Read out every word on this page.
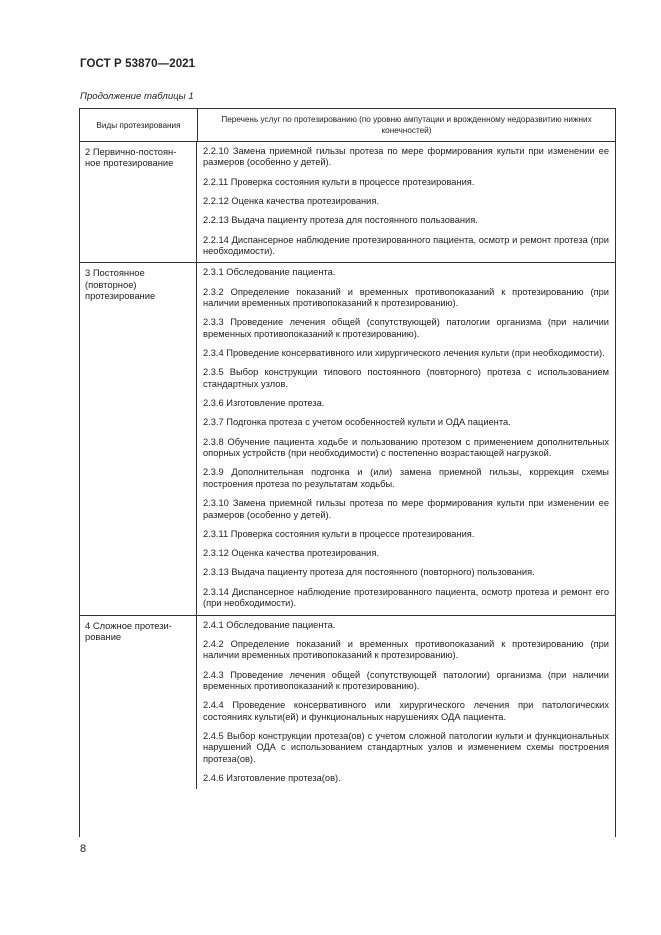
ГОСТ Р 53870—2021
Продолжение таблицы 1
Виды протезирования
Перечень услуг по протезированию (по уровню ампутации и врожденному недоразвитию нижних конечностей)
2 Первично-постоян-
ное протезирование
2.2.10 Замена приемной гильзы протеза по мере формирования культи при изменении ее размеров (особенно у детей).
2.2.11 Проверка состояния культи в процессе протезирования.
2.2.12 Оценка качества протезирования.
2.2.13 Выдача пациенту протеза для постоянного пользования.
2.2.14 Диспансерное наблюдение протезированного пациента, осмотр и ремонт протеза (при необходимости).
3 Постоянное
(повторное)
протезирование
2.3.1 Обследование пациента.
2.3.2 Определение показаний и временных противопоказаний к протезированию (при наличии временных противопоказаний к протезированию).
2.3.3 Проведение лечения общей (сопутствующей) патологии организма (при наличии временных противопоказаний к протезированию).
2.3.4 Проведение консервативного или хирургического лечения культи (при необходимости).
2.3.5 Выбор конструкции типового постоянного (повторного) протеза с использованием стандартных узлов.
2.3.6 Изготовление протеза.
2.3.7 Подгонка протеза с учетом особенностей культи и ОДА пациента.
2.3.8 Обучение пациента ходьбе и пользованию протезом с применением дополнительных опорных устройств (при необходимости) с постепенно возрастающей нагрузкой.
2.3.9 Дополнительная подгонка и (или) замена приемной гильзы, коррекция схемы построения протеза по результатам ходьбы.
2.3.10 Замена приемной гильзы протеза по мере формирования культи при изменении ее размеров (особенно у детей).
2.3.11 Проверка состояния культи в процессе протезирования.
2.3.12 Оценка качества протезирования.
2.3.13 Выдача пациенту протеза для постоянного (повторного) пользования.
2.3.14 Диспансерное наблюдение протезированного пациента, осмотр протеза и ремонт его (при необходимости).
4 Сложное протези-
рование
2.4.1 Обследование пациента.
2.4.2 Определение показаний и временных противопоказаний к протезированию (при наличии временных противопоказаний к протезированию).
2.4.3 Проведение лечения общей (сопутствующей патологии) организма (при наличии временных противопоказаний к протезированию).
2.4.4 Проведение консервативного или хирургического лечения при патологических состояниях культи(ей) и функциональных нарушениях ОДА пациента.
2.4.5 Выбор конструкции протеза(ов) с учетом сложной патологии культи и функциональных нарушений ОДА с использованием стандартных узлов и изменением схемы построения протеза(ов).
2.4.6 Изготовление протеза(ов).
8
